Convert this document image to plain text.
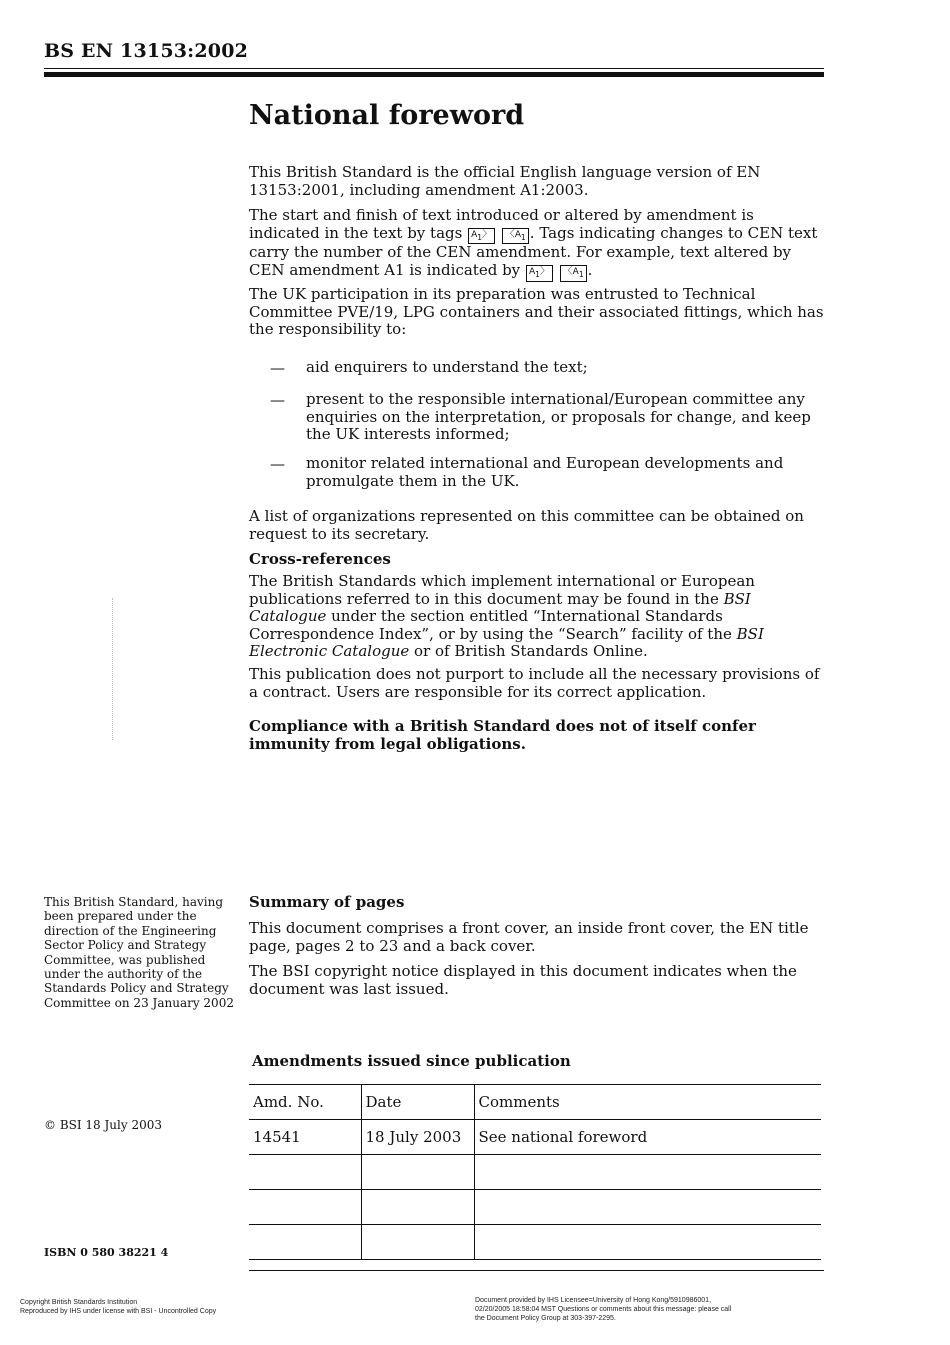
BS EN 13153:2002
National foreword

This British Standard is the official English language version of EN 13153:2001, including amendment A1:2003.

The start and finish of text introduced or altered by amendment is indicated in the text by tags $A_1$ 〉	〈 $A_1$ . Tags indicating changes to CEN text carry the number of the CEN amendment. For example, text altered by CEN amendment A1 is indicated by $A_1$ 〉	〈 $A_1$ .

The UK participation in its preparation was entrusted to Technical Committee PVE/19, LPG containers and their associated fittings, which has the responsibility to:

— aid enquirers to understand the text;
— present to the responsible international/European committee any enquiries on the interpretation, or proposals for change, and keep the UK interests informed;
— monitor related international and European developments and promulgate them in the UK.

A list of organizations represented on this committee can be obtained on request to its secretary.

Cross-references

The British Standards which implement international or European publications referred to in this document may be found in the BSI Catalogue under the section entitled “International Standards Correspondence Index”, or by using the “Search” facility of the BSI Electronic Catalogue or of British Standards Online.

This publication does not purport to include all the necessary provisions of a contract. Users are responsible for its correct application.

Compliance with a British Standard does not of itself confer immunity from legal obligations.

This British Standard, having been prepared under the direction of the Engineering Sector Policy and Strategy Committee, was published under the authority of the Standards Policy and Strategy Committee on 23 January 2002
Summary of pages

This document comprises a front cover, an inside front cover, the EN title page, pages 2 to 23 and a back cover.

The BSI copyright notice displayed in this document indicates when the document was last issued.

© BSI 18 July 2003
ISBN 0 580 38221 4
Amendments issued since publication
Amd. No.	Date	Comments
14541	18 July 2003	See national foreword

Copyright British Standards Institution
Reproduced by IHS under license with BSI - Uncontrolled Copy
Document provided by IHS Licensee=University of Hong Kong/5910986001,
02/20/2005 18:58:04 MST Questions or comments about this message: please call
the Document Policy Group at 303-397-2295.
